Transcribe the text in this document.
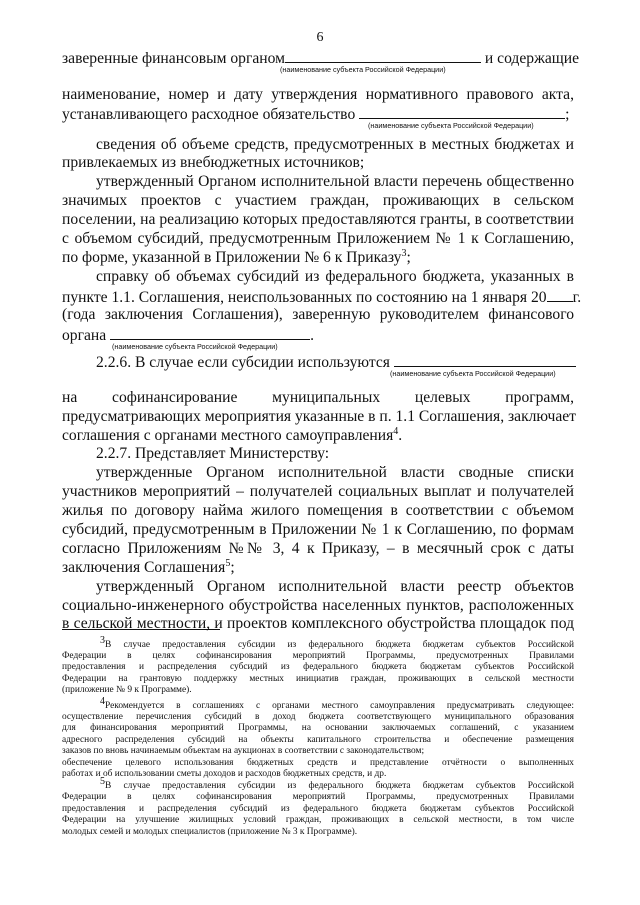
6
заверенные финансовым органом	и содержащие
(наименование субъекта Российской Федерации)
наименование, номер и дату утверждения нормативного правового акта,
устанавливающего расходное обязательство	;
(наименование субъекта Российской Федерации)
сведения об объеме средств, предусмотренных в местных бюджетах и
привлекаемых из внебюджетных источников;
утвержденный Органом исполнительной власти перечень общественно
значимых проектов с участием граждан, проживающих в сельском
поселении, на реализацию которых предоставляются гранты, в соответствии
с объемом субсидий, предусмотренным Приложением № 1 к Соглашению,
по форме, указанной в Приложении № 6 к Приказу$^3$;
справку об объемах субсидий из федерального бюджета, указанных в
пункте 1.1. Соглашения, неиспользованных по состоянию на 1 января 20 г.
(года заключения Соглашения), заверенную руководителем финансового
органа	.
(наименование субъекта Российской Федерации)
2.2.6. В случае если субсидии используются
(наименование субъекта Российской Федерации)
на софинансирование муниципальных целевых программ,
предусматривающих мероприятия указанные в п. 1.1 Соглашения, заключает
соглашения с органами местного самоуправления$^4$.
2.2.7. Представляет Министерству:
утвержденные Органом исполнительной власти сводные списки
участников мероприятий – получателей социальных выплат и получателей
жилья по договору найма жилого помещения в соответствии с объемом
субсидий, предусмотренным в Приложении № 1 к Соглашению, по формам
согласно Приложениям №№ 3, 4 к Приказу, – в месячный срок с даты
заключения Соглашения$^5$;
утвержденный Органом исполнительной власти реестр объектов
социально-инженерного обустройства населенных пунктов, расположенных
в сельской местности, и проектов комплексного обустройства площадок под
3В случае предоставления субсидии из федерального бюджета бюджетам субъектов Российской
Федерации в целях софинансирования мероприятий Программы, предусмотренных Правилами
предоставления и распределения субсидий из федерального бюджета бюджетам субъектов Российской
Федерации на грантовую поддержку местных инициатив граждан, проживающих в сельской местности
(приложение № 9 к Программе).
4Рекомендуется в соглашениях с органами местного самоуправления предусматривать следующее:
осуществление перечисления субсидий в доход бюджета соответствующего муниципального образования
для финансирования мероприятий Программы, на основании заключаемых соглашений, с указанием
адресного распределения субсидий на объекты капитального строительства и обеспечение размещения
заказов по вновь начинаемым объектам на аукционах в соответствии с законодательством;
обеспечение целевого использования бюджетных средств и представление отчётности о выполненных
работах и об использовании сметы доходов и расходов бюджетных средств, и др.
5В случае предоставления субсидии из федерального бюджета бюджетам субъектов Российской
Федерации в целях софинансирования мероприятий Программы, предусмотренных Правилами
предоставления и распределения субсидий из федерального бюджета бюджетам субъектов Российской
Федерации на улучшение жилищных условий граждан, проживающих в сельской местности, в том числе
молодых семей и молодых специалистов (приложение № 3 к Программе).
